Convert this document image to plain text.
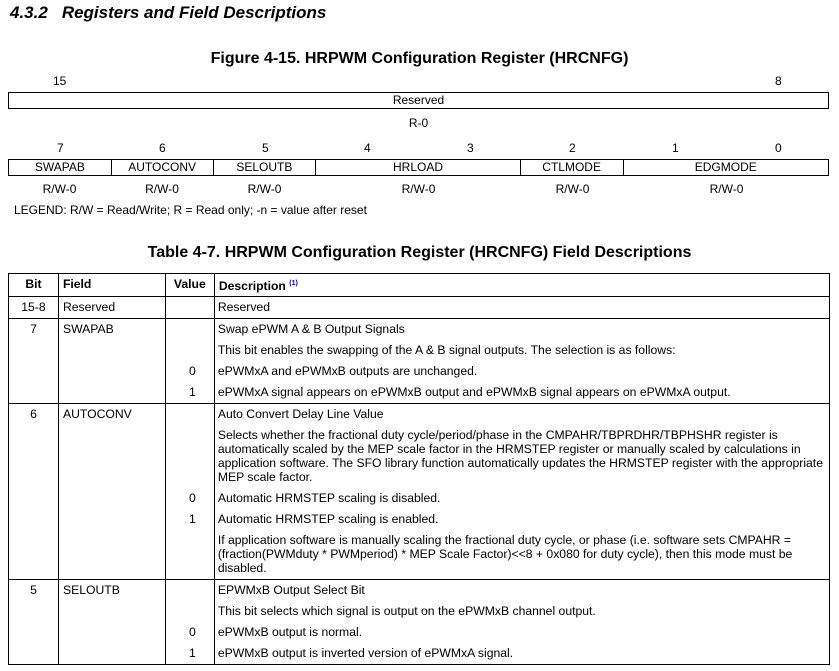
4.3.2 Registers and Field Descriptions
Figure 4-15. HRPWM Configuration Register (HRCNFG)
15	8
Reserved
R-0
7	6	5	4	3	2	1	0
SWAPAB	AUTOCONV	SELOUTB	HRLOAD	CTLMODE	EDGMODE
R/W-0	R/W-0	R/W-0	R/W-0	R/W-0	R/W-0
LEGEND: R/W = Read/Write; R = Read only; -n = value after reset
Table 4-7. HRPWM Configuration Register (HRCNFG) Field Descriptions
Bit	Field	Value	Description $^{(1)}$
15-8	Reserved		Reserved

7	SWAPAB		Swap ePWM A & B Output Signals

			This bit enables the swapping of the A & B signal outputs. The selection is as follows:

		0	ePWMxA and ePWMxB outputs are unchanged.

		1	ePWMxA signal appears on ePWMxB output and ePWMxB signal appears on ePWMxA output.

6	AUTOCONV		Auto Convert Delay Line Value

			Selects whether the fractional duty cycle/period/phase in the CMPAHR/TBPRDHR/TBPHSHR register is automatically scaled by the MEP scale factor in the HRMSTEP register or manually scaled by calculations in application software. The SFO library function automatically updates the HRMSTEP register with the appropriate MEP scale factor.

		0	Automatic HRMSTEP scaling is disabled.

		1	Automatic HRMSTEP scaling is enabled.

			If application software is manually scaling the fractional duty cycle, or phase (i.e. software sets CMPAHR = (fraction(PWMduty * PWMperiod) * MEP Scale Factor)<<8 + 0x080 for duty cycle), then this mode must be disabled.

5	SELOUTB		EPWMxB Output Select Bit

			This bit selects which signal is output on the ePWMxB channel output.

		0	ePWMxB output is normal.

		1	ePWMxB output is inverted version of ePWMxA signal.
